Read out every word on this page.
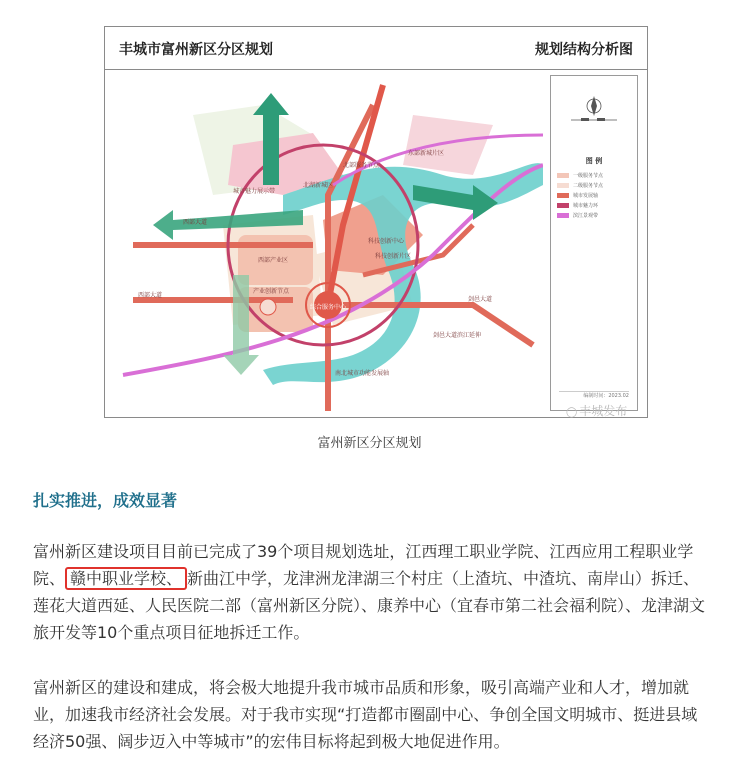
丰城市富州新区分区规划	规划结构分析图
北部服务节点
东部新城片区
城市魅力展示带
北湖新城区
科技创新中心
科技创新片区
西部产业区
产业创新节点
综合服务中心
西部大道
西部大道
剑邑大道
剑邑大道滨江延伸
南北城市功能发展轴
图 例
一级服务节点
二级服务节点
城市发展轴
城市魅力环
滨江景观带
编制时间：2023.02
◯ 丰城发布
富州新区分区规划
扎实推进，成效显著
富州新区建设项目目前已完成了39个项目规划选址，江西理工职业学院、江西应用工程职业学院、 赣中职业学校、 新曲江中学，龙津洲龙津湖三个村庄（上渣坑、中渣坑、南岸山）拆迁、莲花大道西延、人民医院二部（富州新区分院）、康养中心（宜春市第二社会福利院）、龙津湖文旅开发等10个重点项目征地拆迁工作。
富州新区的建设和建成，将会极大地提升我市城市品质和形象，吸引高端产业和人才，增加就业，加速我市经济社会发展。对于我市实现“打造都市圈副中心、争创全国文明城市、挺进县域经济50强、阔步迈入中等城市”的宏伟目标将起到极大地促进作用。
